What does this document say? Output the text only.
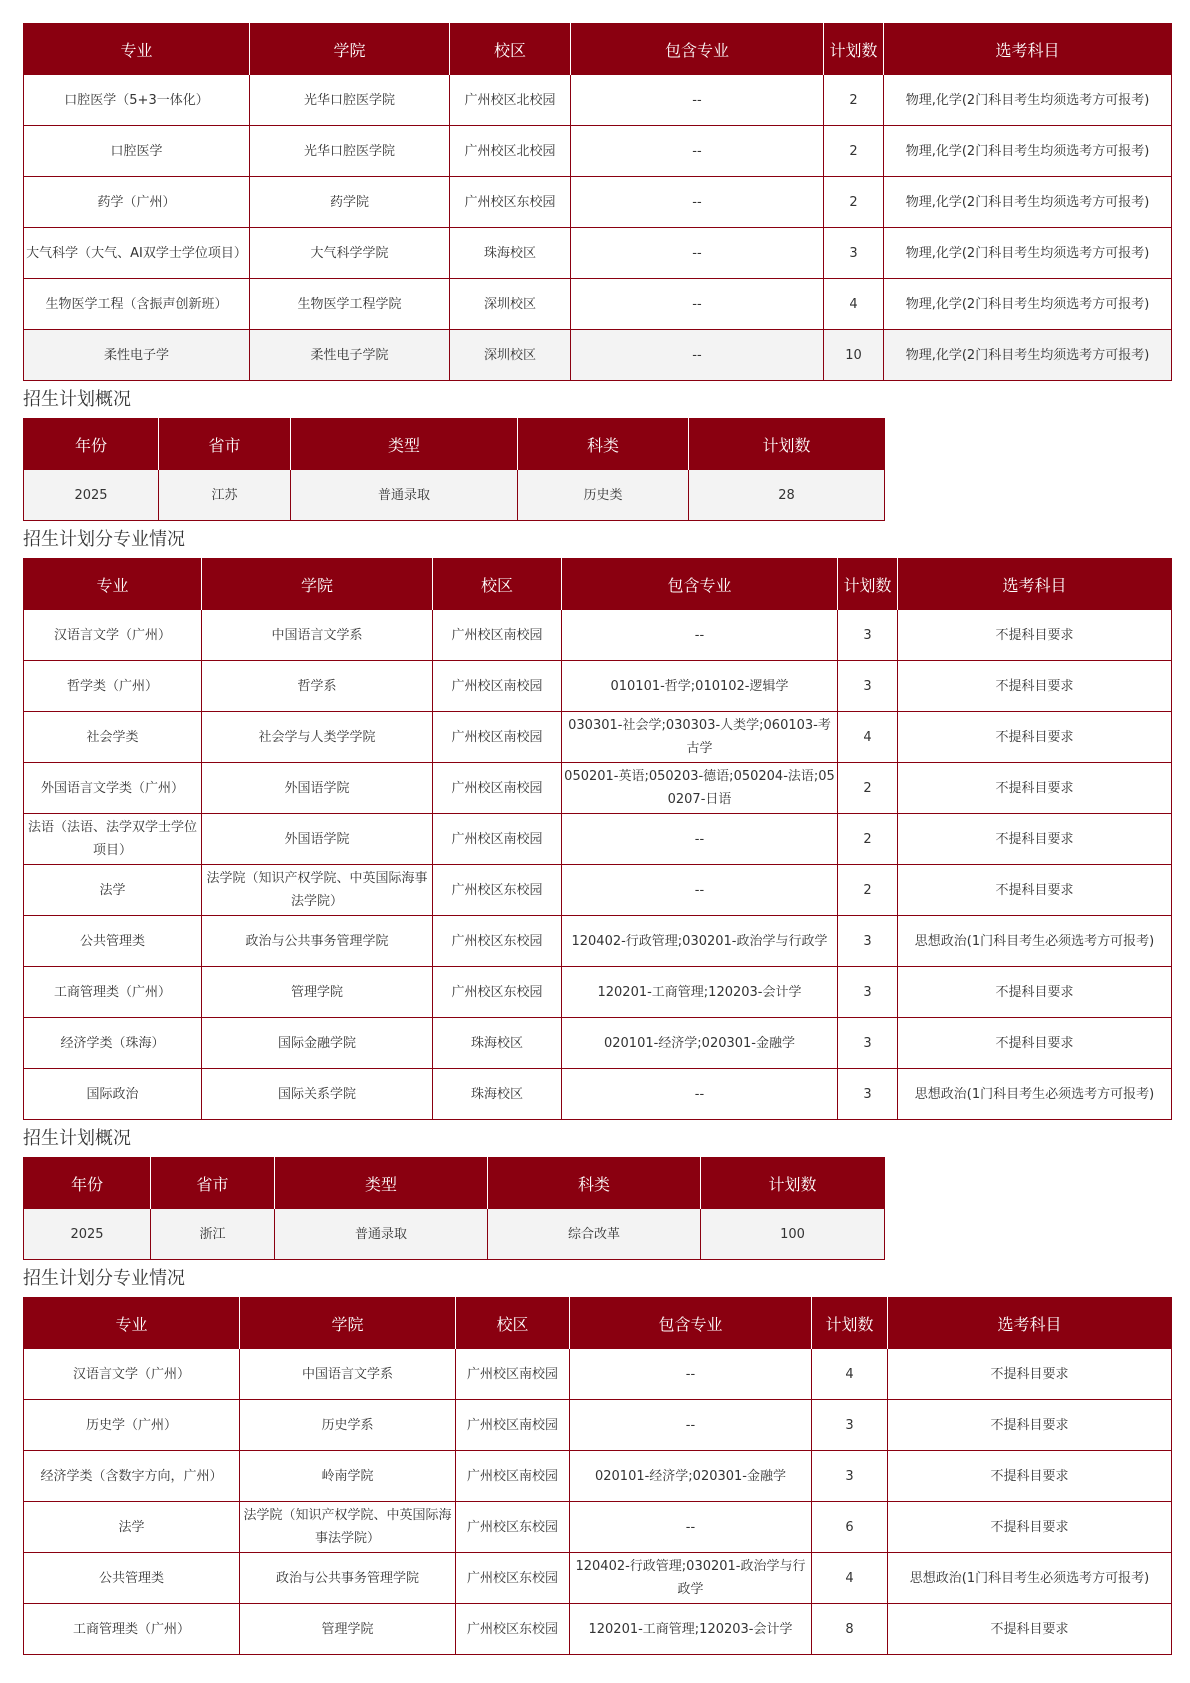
专业	学院	校区	包含专业	计划数	选考科目
口腔医学（5+3一体化）	光华口腔医学院	广州校区北校园	--	2	物理,化学(2门科目考生均须选考方可报考)
口腔医学	光华口腔医学院	广州校区北校园	--	2	物理,化学(2门科目考生均须选考方可报考)
药学（广州）	药学院	广州校区东校园	--	2	物理,化学(2门科目考生均须选考方可报考)
大气科学（大气、AI双学士学位项目）	大气科学学院	珠海校区	--	3	物理,化学(2门科目考生均须选考方可报考)
生物医学工程（含振声创新班）	生物医学工程学院	深圳校区	--	4	物理,化学(2门科目考生均须选考方可报考)
柔性电子学	柔性电子学院	深圳校区	--	10	物理,化学(2门科目考生均须选考方可报考)
招生计划概况
年份	省市	类型	科类	计划数
2025	江苏	普通录取	历史类	28
招生计划分专业情况
专业	学院	校区	包含专业	计划数	选考科目
汉语言文学（广州）	中国语言文学系	广州校区南校园	--	3	不提科目要求
哲学类（广州）	哲学系	广州校区南校园	010101-哲学;010102-逻辑学	3	不提科目要求
社会学类	社会学与人类学学院	广州校区南校园	030301-社会学;030303-人类学;060103-考古学	4	不提科目要求
外国语言文学类（广州）	外国语学院	广州校区南校园	050201-英语;050203-德语;050204-法语;050207-日语	2	不提科目要求
法语（法语、法学双学士学位项目）	外国语学院	广州校区南校园	--	2	不提科目要求
法学	法学院（知识产权学院、中英国际海事法学院）	广州校区东校园	--	2	不提科目要求
公共管理类	政治与公共事务管理学院	广州校区东校园	120402-行政管理;030201-政治学与行政学	3	思想政治(1门科目考生必须选考方可报考)
工商管理类（广州）	管理学院	广州校区东校园	120201-工商管理;120203-会计学	3	不提科目要求
经济学类（珠海）	国际金融学院	珠海校区	020101-经济学;020301-金融学	3	不提科目要求
国际政治	国际关系学院	珠海校区	--	3	思想政治(1门科目考生必须选考方可报考)
招生计划概况
年份	省市	类型	科类	计划数
2025	浙江	普通录取	综合改革	100
招生计划分专业情况
专业	学院	校区	包含专业	计划数	选考科目
汉语言文学（广州）	中国语言文学系	广州校区南校园	--	4	不提科目要求
历史学（广州）	历史学系	广州校区南校园	--	3	不提科目要求
经济学类（含数字方向，广州）	岭南学院	广州校区南校园	020101-经济学;020301-金融学	3	不提科目要求
法学	法学院（知识产权学院、中英国际海事法学院）	广州校区东校园	--	6	不提科目要求
公共管理类	政治与公共事务管理学院	广州校区东校园	120402-行政管理;030201-政治学与行政学	4	思想政治(1门科目考生必须选考方可报考)
工商管理类（广州）	管理学院	广州校区东校园	120201-工商管理;120203-会计学	8	不提科目要求
